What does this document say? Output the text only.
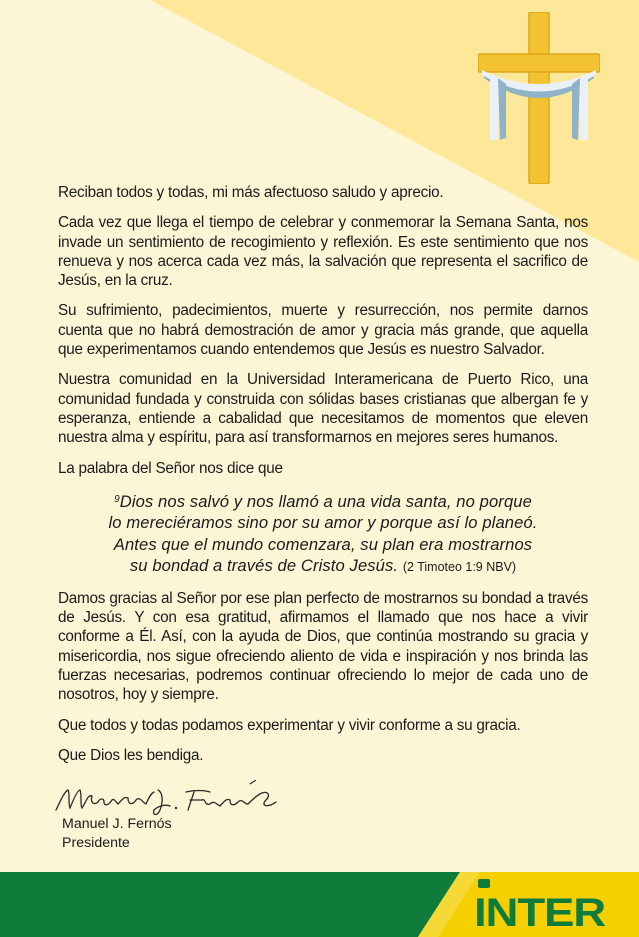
Reciban todos y todas, mi más afectuoso saludo y aprecio.

Cada vez que llega el tiempo de celebrar y conmemorar la Semana Santa, nos invade un sentimiento de recogimiento y reflexión. Es este sentimiento que nos renueva y nos acerca cada vez más, la salvación que representa el sacrifico de Jesús, en la cruz.

Su sufrimiento, padecimientos, muerte y resurrección, nos permite darnos cuenta que no habrá demostración de amor y gracia más grande, que aquella que experimentamos cuando entendemos que Jesús es nuestro Salvador.

Nuestra comunidad en la Universidad Interamericana de Puerto Rico, una comunidad fundada y construida con sólidas bases cristianas que albergan fe y esperanza, entiende a cabalidad que necesitamos de momentos que eleven nuestra alma y espíritu, para así transformarnos en mejores seres humanos.

La palabra del Señor nos dice que

$^9$Dios nos salvó y nos llamó a una vida santa, no porque
lo mereciéramos sino por su amor y porque así lo planeó.
Antes que el mundo comenzara, su plan era mostrarnos
su bondad a través de Cristo Jesús. (2 Timoteo 1:9 NBV)

Damos gracias al Señor por ese plan perfecto de mostrarnos su bondad a través de Jesús. Y con esa gratitud, afirmamos el llamado que nos hace a vivir conforme a Él. Así, con la ayuda de Dios, que continúa mostrando su gracia y misericordia, nos sigue ofreciendo aliento de vida e inspiración y nos brinda las fuerzas necesarias, podremos continuar ofreciendo lo mejor de cada uno de nosotros, hoy y siempre.

Que todos y todas podamos experimentar y vivir conforme a su gracia.

Que Dios les bendiga.

Manuel J. Fernós
Presidente
INTER
